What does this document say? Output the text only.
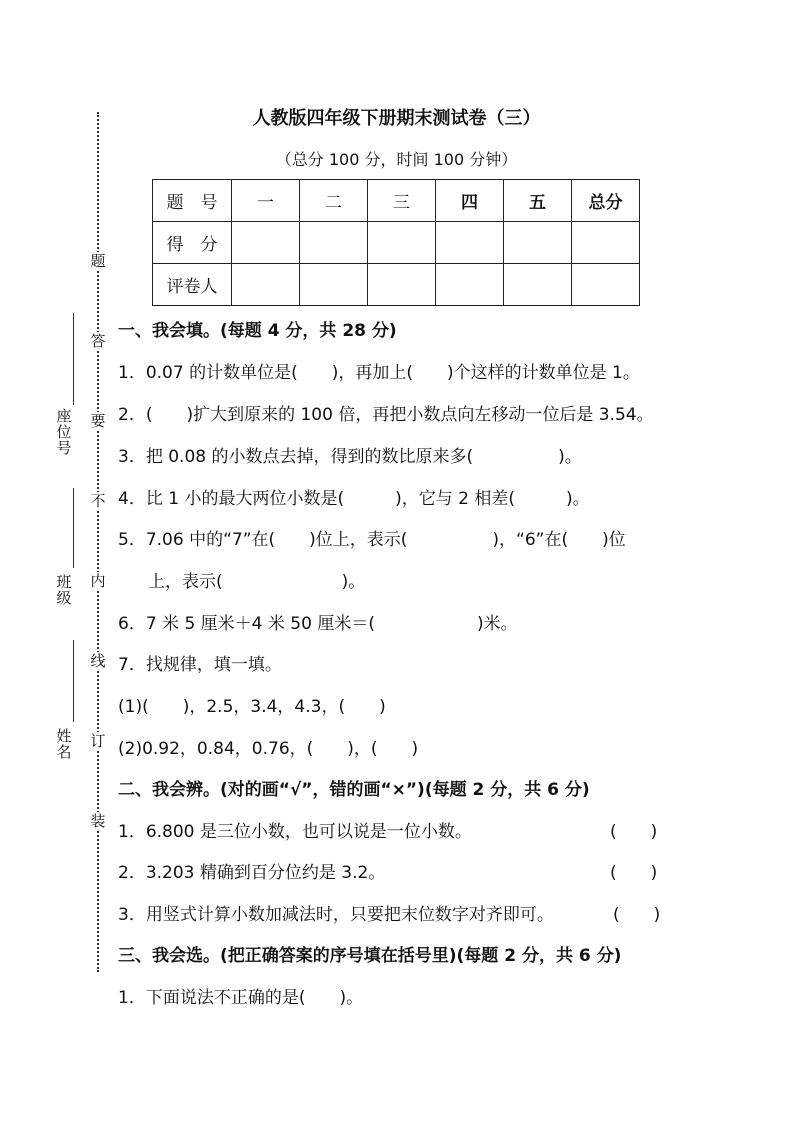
题
答
要
不
内
线
订
装
座位号
班级
姓名
人教版四年级下册期末测试卷（三）
（总分 100 分，时间 100 分钟）
题　号	一	二	三	四	五	总分
得　分						
评卷人						
一、我会填。(每题 4 分，共 28 分)
1．0.07 的计数单位是(　　)，再加上(　　)个这样的计数单位是 1。
2．(　　)扩大到原来的 100 倍，再把小数点向左移动一位后是 3.54。
3．把 0.08 的小数点去掉，得到的数比原来多(　　　　　)。
4．比 1 小的最大两位小数是(　　　)，它与 2 相差(　　　)。
5．7.06 中的“7”在(　　)位上，表示(　　　　　)，“6”在(　　)位
上，表示(　　　　　　　)。
6．7 米 5 厘米＋4 米 50 厘米＝(　　　　　　)米。
7．找规律，填一填。
(1)(　　)，2.5，3.4，4.3，(　　)
(2)0.92，0.84，0.76，(　　)，(　　)
二、我会辨。(对的画“√”，错的画“×”)(每题 2 分，共 6 分)
1．6.800 是三位小数，也可以说是一位小数。	(　　)
2．3.203 精确到百分位约是 3.2。	(　　)
3．用竖式计算小数加减法时，只要把末位数字对齐即可。	(　　)
三、我会选。(把正确答案的序号填在括号里)(每题 2 分，共 6 分)
1．下面说法不正确的是(　　)。
